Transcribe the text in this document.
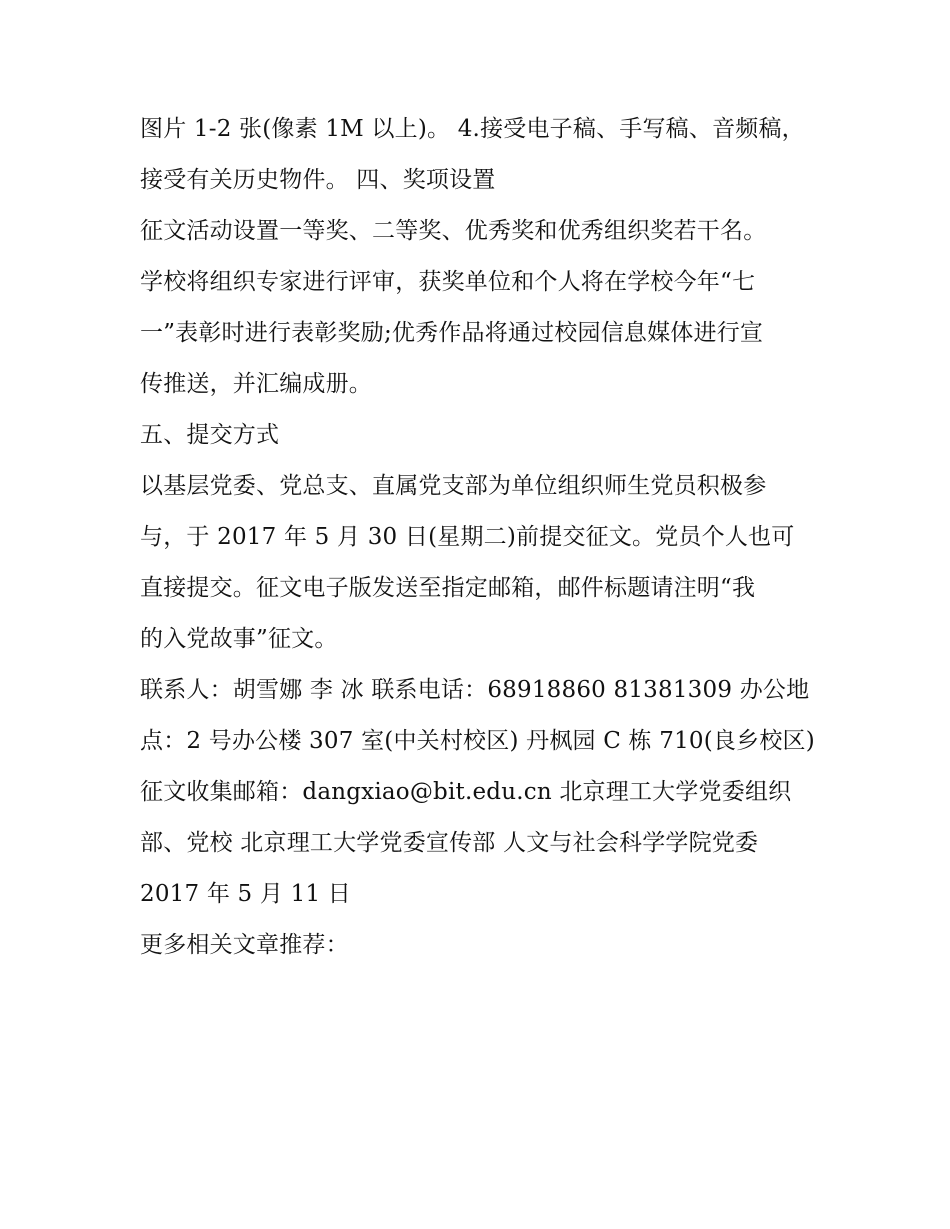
图片 1-2 张(像素 1M 以上)。 4.接受电子稿、手写稿、音频稿，
接受有关历史物件。 四、奖项设置
征文活动设置一等奖、二等奖、优秀奖和优秀组织奖若干名。
学校将组织专家进行评审，获奖单位和个人将在学校今年“七
一”表彰时进行表彰奖励;优秀作品将通过校园信息媒体进行宣
传推送，并汇编成册。
五、提交方式
以基层党委、党总支、直属党支部为单位组织师生党员积极参
与，于 2017 年 5 月 30 日(星期二)前提交征文。党员个人也可
直接提交。征文电子版发送至指定邮箱，邮件标题请注明“我
的入党故事”征文。
联系人：胡雪娜 李 冰 联系电话：68918860 81381309 办公地
点：2 号办公楼 307 室(中关村校区) 丹枫园 C 栋 710(良乡校区)
征文收集邮箱：dangxiao@bit.edu.cn 北京理工大学党委组织
部、党校 北京理工大学党委宣传部 人文与社会科学学院党委
2017 年 5 月 11 日
更多相关文章推荐：
